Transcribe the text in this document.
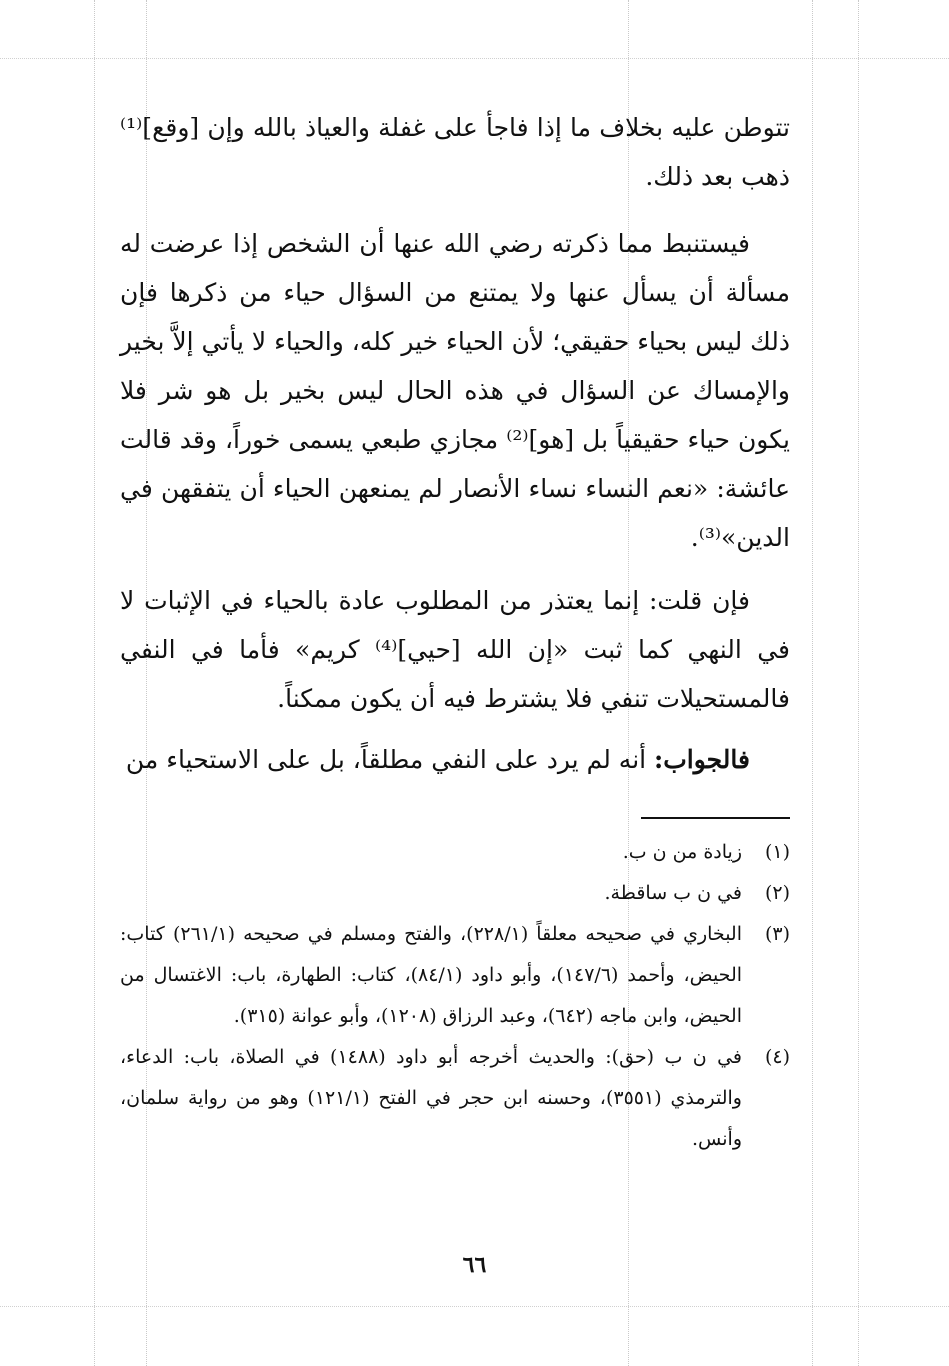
تتوطن عليه بخلاف ما إذا فاجأ على غفلة والعياذ بالله وإن [وقع]⁽¹⁾ ذهب بعد ذلك.

فيستنبط مما ذكرته رضي الله عنها أن الشخص إذا عرضت له مسألة أن يسأل عنها ولا يمتنع من السؤال حياء من ذكرها فإن ذلك ليس بحياء حقيقي؛ لأن الحياء خير كله، والحياء لا يأتي إلاَّ بخير والإمساك عن السؤال في هذه الحال ليس بخير بل هو شر فلا يكون حياء حقيقياً بل [هو]⁽²⁾ مجازي طبعي يسمى خوراً، وقد قالت عائشة: «نعم النساء نساء الأنصار لم يمنعهن الحياء أن يتفقهن في الدين»⁽³⁾.

فإن قلت: إنما يعتذر من المطلوب عادة بالحياء في الإثبات لا في النهي كما ثبت «إن الله [حيي]⁽⁴⁾ كريم» فأما في النفي فالمستحيلات تنفي فلا يشترط فيه أن يكون ممكناً.

فالجواب: أنه لم يرد على النفي مطلقاً، بل على الاستحياء من

(١)
زيادة من ن ب.
(٢)
في ن ب ساقطة.
(٣)
البخاري في صحيحه معلقاً (٢٢٨/١)، والفتح ومسلم في صحيحه (٢٦١/١) كتاب: الحيض، وأحمد (١٤٧/٦)، وأبو داود (٨٤/١)، كتاب: الطهارة، باب: الاغتسال من الحيض، وابن ماجه (٦٤٢)، وعبد الرزاق (١٢٠٨)، وأبو عوانة (٣١٥).
(٤)
في ن ب (حق): والحديث أخرجه أبو داود (١٤٨٨) في الصلاة، باب: الدعاء، والترمذي (٣٥٥١)، وحسنه ابن حجر في الفتح (١٢١/١) وهو من رواية سلمان، وأنس.
٦٦
